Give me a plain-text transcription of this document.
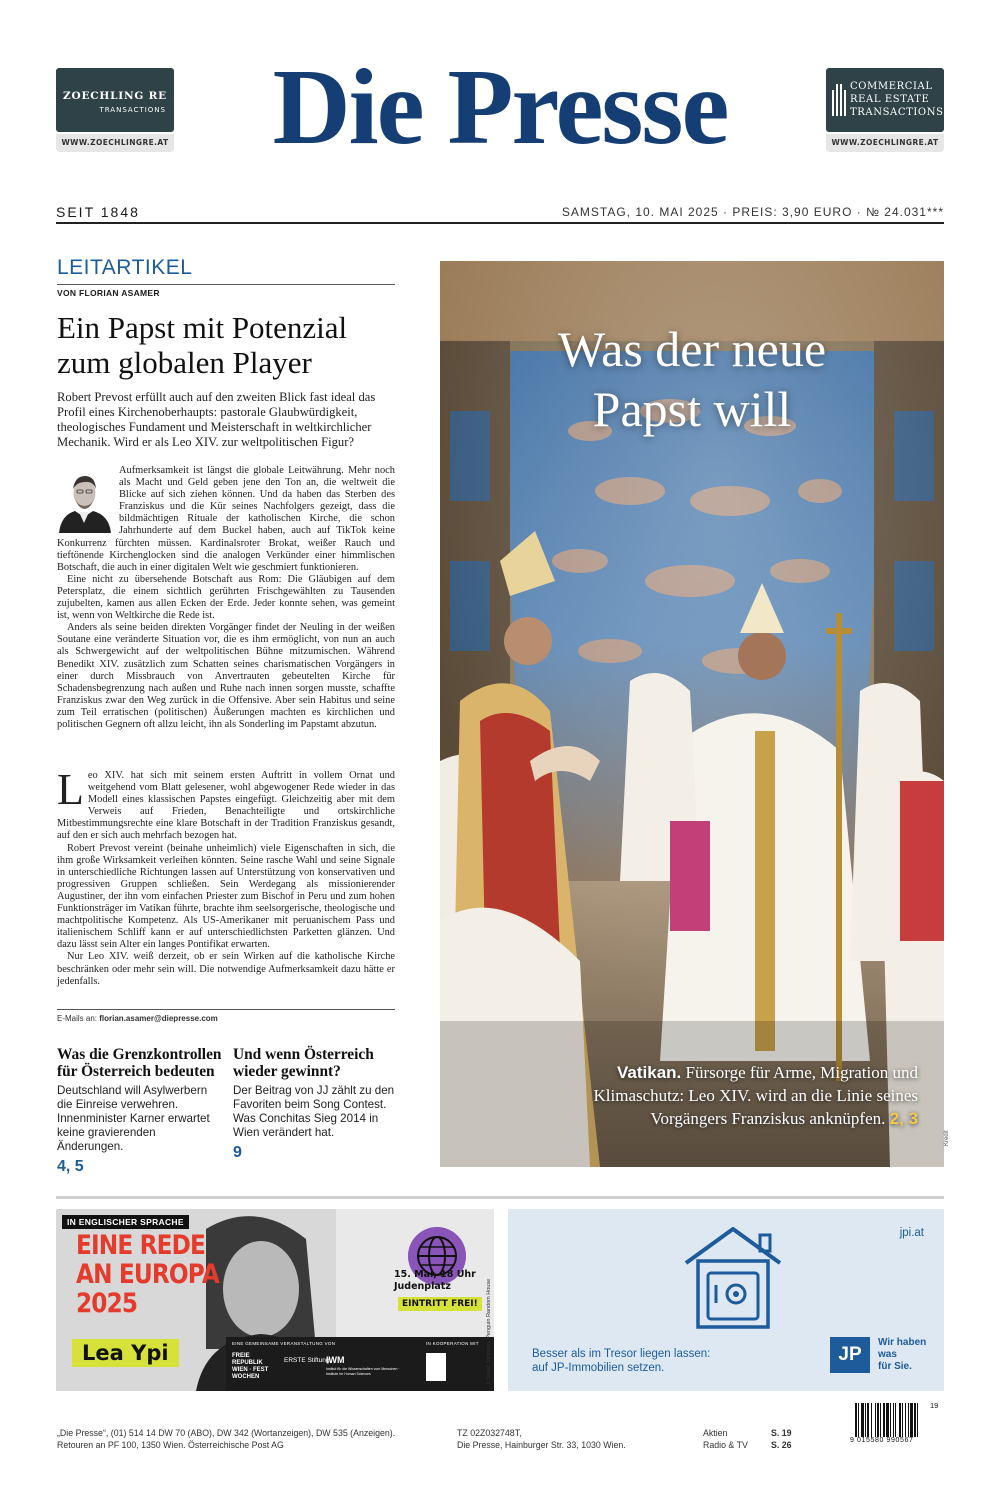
ZOECHLING RE
TRANSACTIONS
WWW.ZOECHLINGRE.AT Die Presse	COMMERCIAL
REAL ESTATE
TRANSACTIONS
WWW.ZOECHLINGRE.AT
SEIT 1848	SAMSTAG, 10. MAI 2025 · PREIS: 3,90 EURO · № 24.031***
LEITARTIKEL
VON FLORIAN ASAMER
Ein Papst mit Potenzial zum globalen Player
Robert Prevost erfüllt auch auf den zweiten Blick fast ideal das Profil eines Kirchenoberhaupts: pastorale Glaubwürdigkeit, theologisches Fundament und Meisterschaft in weltkirchlicher Mechanik. Wird er als Leo XIV. zur weltpolitischen Figur?

Aufmerksamkeit ist längst die globale Leitwährung. Mehr noch als Macht und Geld geben jene den Ton an, die weltweit die Blicke auf sich ziehen können. Und da haben das Sterben des Franziskus und die Kür seines Nachfolgers gezeigt, dass die bildmächtigen Rituale der katholischen Kirche, die schon Jahrhunderte auf dem Buckel haben, auch auf TikTok keine Konkurrenz fürchten müssen. Kardinalsroter Brokat, weißer Rauch und tieftönende Kirchenglocken sind die analogen Verkünder einer himmlischen Botschaft, die auch in einer digitalen Welt wie geschmiert funktionieren.

Eine nicht zu übersehende Botschaft aus Rom: Die Gläubigen auf dem Petersplatz, die einem sichtlich gerührten Frischgewählten zu Tausenden zujubelten, kamen aus allen Ecken der Erde. Jeder konnte sehen, was gemeint ist, wenn von Weltkirche die Rede ist.

Anders als seine beiden direkten Vorgänger findet der Neuling in der weißen Soutane eine veränderte Situation vor, die es ihm ermöglicht, von nun an auch als Schwergewicht auf der weltpolitischen Bühne mitzumischen. Während Benedikt XIV. zusätzlich zum Schatten seines charismatischen Vorgängers in einer durch Missbrauch von Anvertrauten gebeutelten Kirche für Schadensbegrenzung nach außen und Ruhe nach innen sorgen musste, schaffte Franziskus zwar den Weg zurück in die Offensive. Aber sein Habitus und seine zum Teil erratischen (politischen) Äußerungen machten es kirchlichen und politischen Gegnern oft allzu leicht, ihn als Sonderling im Papstamt abzutun.

Leo XIV. hat sich mit seinem ersten Auftritt in vollem Ornat und weitgehend vom Blatt gelesener, wohl abgewogener Rede wieder in das Modell eines klassischen Papstes eingefügt. Gleichzeitig aber mit dem Verweis auf Frieden, Benachteiligte und ortskirchliche Mitbestimmungsrechte eine klare Botschaft in der Tradition Franziskus gesandt, auf den er sich auch mehrfach bezogen hat.

Robert Prevost vereint (beinahe unheimlich) viele Eigenschaften in sich, die ihm große Wirksamkeit verleihen könnten. Seine rasche Wahl und seine Signale in unterschiedliche Richtungen lassen auf Unterstützung von konservativen und progressiven Gruppen schließen. Sein Werdegang als missionierender Augustiner, der ihn vom einfachen Priester zum Bischof in Peru und zum hohen Funktionsträger im Vatikan führte, brachte ihm seelsorgerische, theologische und machtpolitische Kompetenz. Als US-Amerikaner mit peruanischem Pass und italienischem Schliff kann er auf unterschiedlichsten Parketten glänzen. Und dazu lässt sein Alter ein langes Pontifikat erwarten.

Nur Leo XIV. weiß derzeit, ob er sein Wirken auf die katholische Kirche beschränken oder mehr sein will. Die notwendige Aufmerksamkeit dazu hätte er jedenfalls.

E-Mails an: florian.asamer@diepresse.com
Was die Grenzkontrollen für Österreich bedeuten

Deutschland will Asylwerbern die Einreise verwehren. Innenminister Karner erwartet keine gravierenden Änderungen.

4, 5
Und wenn Österreich wieder gewinnt?

Der Beitrag von JJ zählt zu den Favoriten beim Song Contest. Was Conchitas Sieg 2014 in Wien verändert hat.

9
Was der neue
Papst will
Vatikan. Fürsorge für Arme, Migration und Klimaschutz: Leo XIV. wird an die Linie seines Vorgängers Franziskus anknüpfen. 2, 3
Kredit
IN ENGLISCHER SPRACHE
EINE REDE
AN EUROPA
2025
Lea Ypi
15. Mai, 18 Uhr
Judenplatz
EINTRITT FREI!
EINE GEMEINSAME VERANSTALTUNG VON	IN KOOPERATION MIT
FREIE REPUBLIK WIEN · FEST WOCHEN
ERSTE Stiftung
IWM
Institut für die Wissenschaften vom Menschen · Institute for Human Sciences	© Stuart Simpson, Penguin Random House
jpi.at
Besser als im Tresor liegen lassen:
auf JP-Immobilien setzen.
JP
Wir haben
was
für Sie.
„Die Presse“, (01) 514 14 DW 70 (ABO), DW 342 (Wortanzeigen), DW 535 (Anzeigen).
Retouren an PF 100, 1350 Wien. Österreichische Post AG
TZ 02Z032748T,
Die Presse, Hainburger Str. 33, 1030 Wien.
Aktien	S. 19
Radio & TV	S. 26	9 015580 990567
19
